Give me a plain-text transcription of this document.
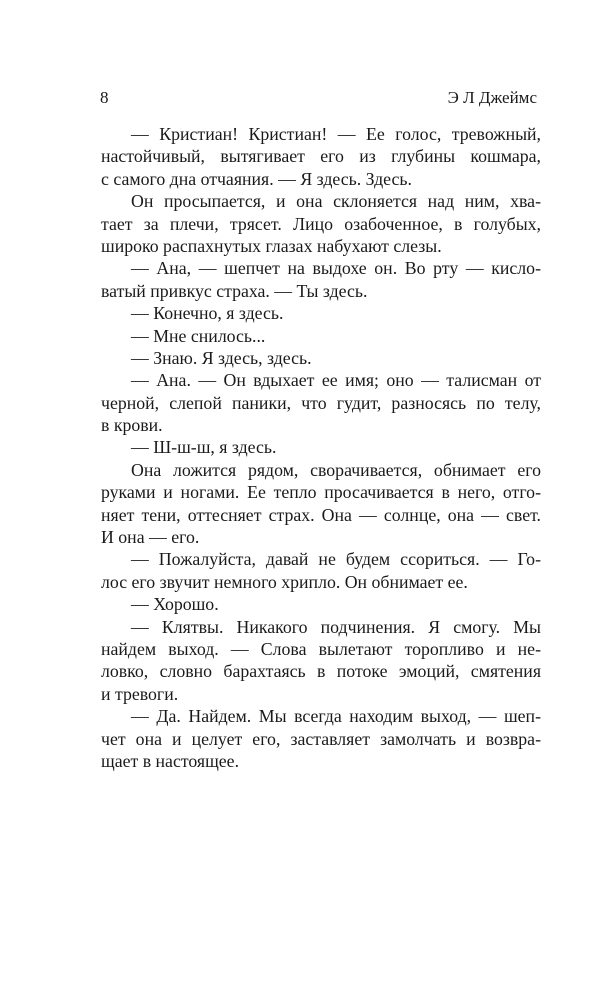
8	Э Л Джеймс
— Кристиан! Кристиан! — Ее голос, тревожный,
настойчивый, вытягивает его из глубины кошмара,
с самого дна отчаяния. — Я здесь. Здесь.
Он просыпается, и она склоняется над ним, хва-
тает за плечи, трясет. Лицо озабоченное, в голубых,
широко распахнутых глазах набухают слезы.
— Ана, — шепчет на выдохе он. Во рту — кисло-
ватый привкус страха. — Ты здесь.
— Конечно, я здесь.
— Мне снилось...
— Знаю. Я здесь, здесь.
— Ана. — Он вдыхает ее имя; оно — талисман от
черной, слепой паники, что гудит, разносясь по телу,
в крови.
— Ш-ш-ш, я здесь.
Она ложится рядом, сворачивается, обнимает его
руками и ногами. Ее тепло просачивается в него, отго-
няет тени, оттесняет страх. Она — солнце, она — свет.
И она — его.
— Пожалуйста, давай не будем ссориться. — Го-
лос его звучит немного хрипло. Он обнимает ее.
— Хорошо.
— Клятвы. Никакого подчинения. Я смогу. Мы
найдем выход. — Слова вылетают торопливо и не-
ловко, словно барахтаясь в потоке эмоций, смятения
и тревоги.
— Да. Найдем. Мы всегда находим выход, — шеп-
чет она и целует его, заставляет замолчать и возвра-
щает в настоящее.
